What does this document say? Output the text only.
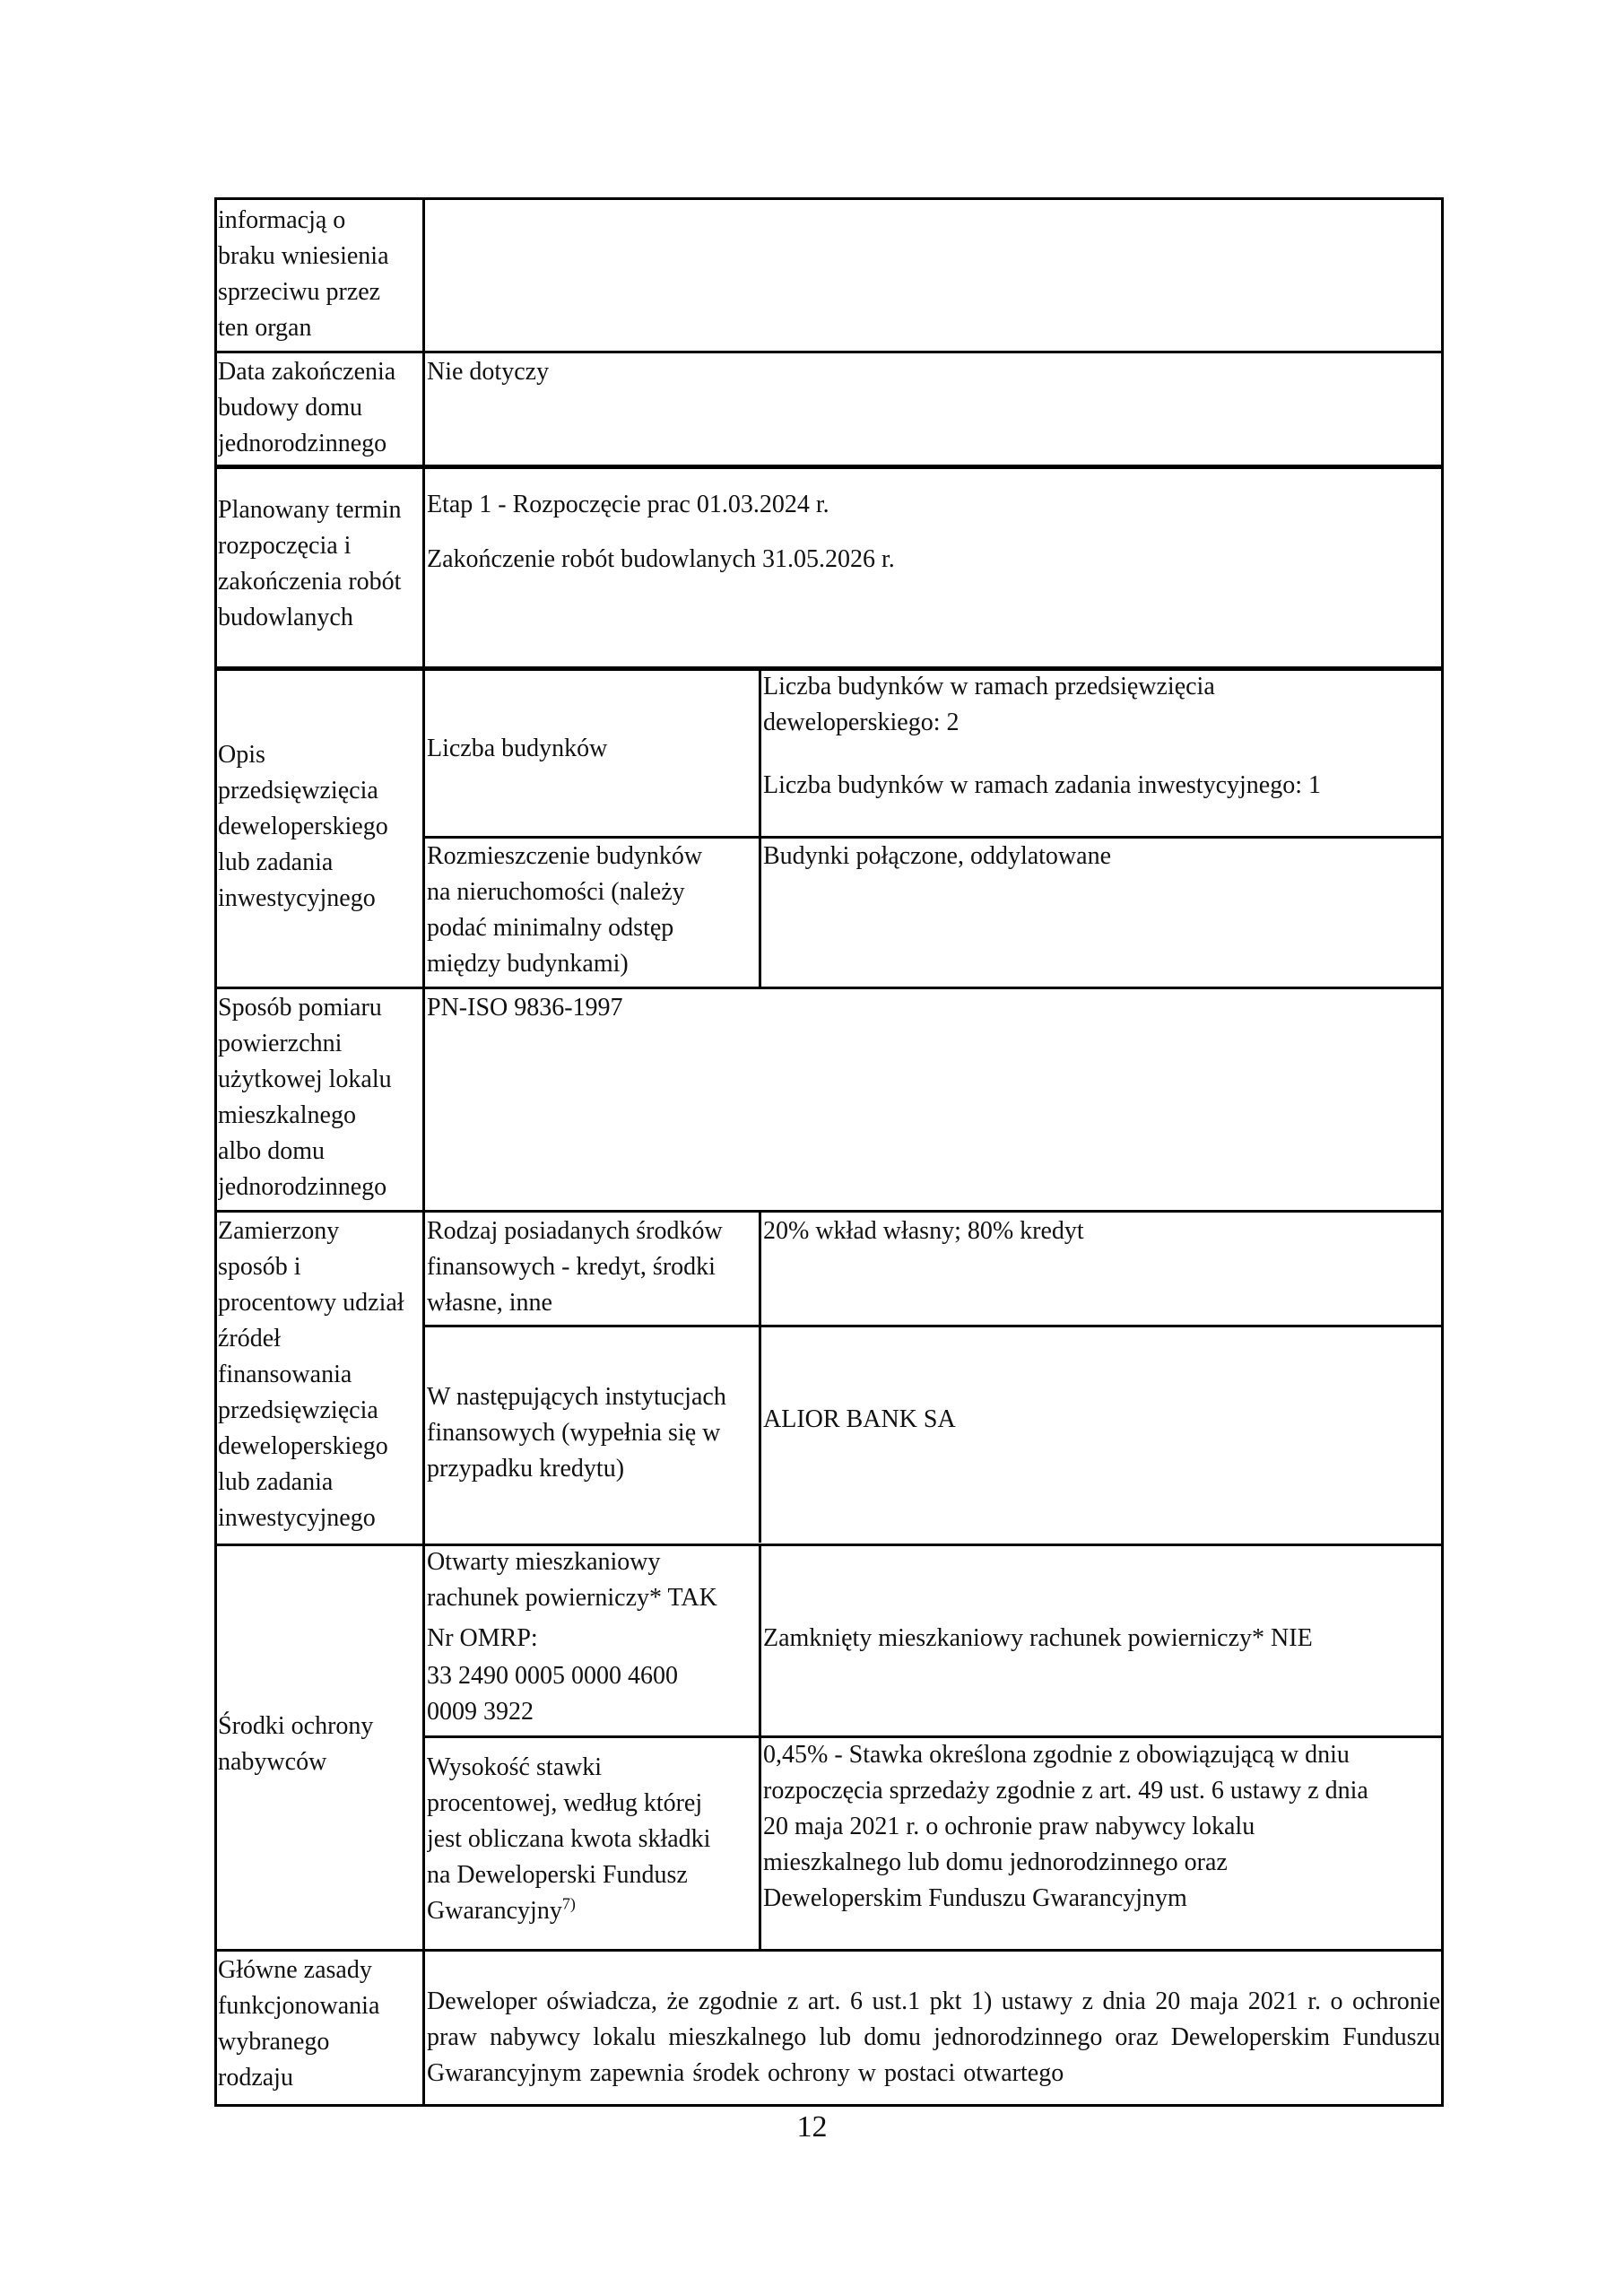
informacją o
braku wniesienia
sprzeciwu przez
ten organ
Data zakończenia
budowy domu
jednorodzinnego
Nie dotyczy
Planowany termin
rozpoczęcia i
zakończenia robót
budowlanych
Etap 1 - Rozpoczęcie prac 01.03.2024 r.
Zakończenie robót budowlanych 31.05.2026 r.
Opis
przedsięwzięcia
deweloperskiego
lub zadania
inwestycyjnego
Liczba budynków
Liczba budynków w ramach przedsięwzięcia
deweloperskiego: 2
Liczba budynków w ramach zadania inwestycyjnego: 1
Rozmieszczenie budynków
na nieruchomości (należy
podać minimalny odstęp
między budynkami)
Budynki połączone, oddylatowane
Sposób pomiaru
powierzchni
użytkowej lokalu
mieszkalnego
albo domu
jednorodzinnego
PN-ISO 9836-1997
Zamierzony
sposób i
procentowy udział
źródeł
finansowania
przedsięwzięcia
deweloperskiego
lub zadania
inwestycyjnego
Rodzaj posiadanych środków
finansowych - kredyt, środki
własne, inne
20% wkład własny; 80% kredyt
W następujących instytucjach
finansowych (wypełnia się w
przypadku kredytu)
ALIOR BANK SA
Środki ochrony
nabywców
Otwarty mieszkaniowy
rachunek powierniczy* TAK
Nr OMRP:
33 2490 0005 0000 4600
0009 3922
Zamknięty mieszkaniowy rachunek powierniczy* NIE
Wysokość stawki
procentowej, według której
jest obliczana kwota składki
na Deweloperski Fundusz
Gwarancyjny$^{7)}$
0,45% - Stawka określona zgodnie z obowiązującą w dniu
rozpoczęcia sprzedaży zgodnie z art. 49 ust. 6 ustawy z dnia
20 maja 2021 r. o ochronie praw nabywcy lokalu
mieszkalnego lub domu jednorodzinnego oraz
Deweloperskim Funduszu Gwarancyjnym
Główne zasady
funkcjonowania
wybranego
rodzaju
Deweloper oświadcza, że zgodnie z art. 6 ust.1 pkt 1) ustawy z dnia 20 maja 2021 r. o ochronie praw nabywcy lokalu mieszkalnego lub domu jednorodzinnego oraz Deweloperskim Funduszu Gwarancyjnym zapewnia środek ochrony w postaci otwartego
12
